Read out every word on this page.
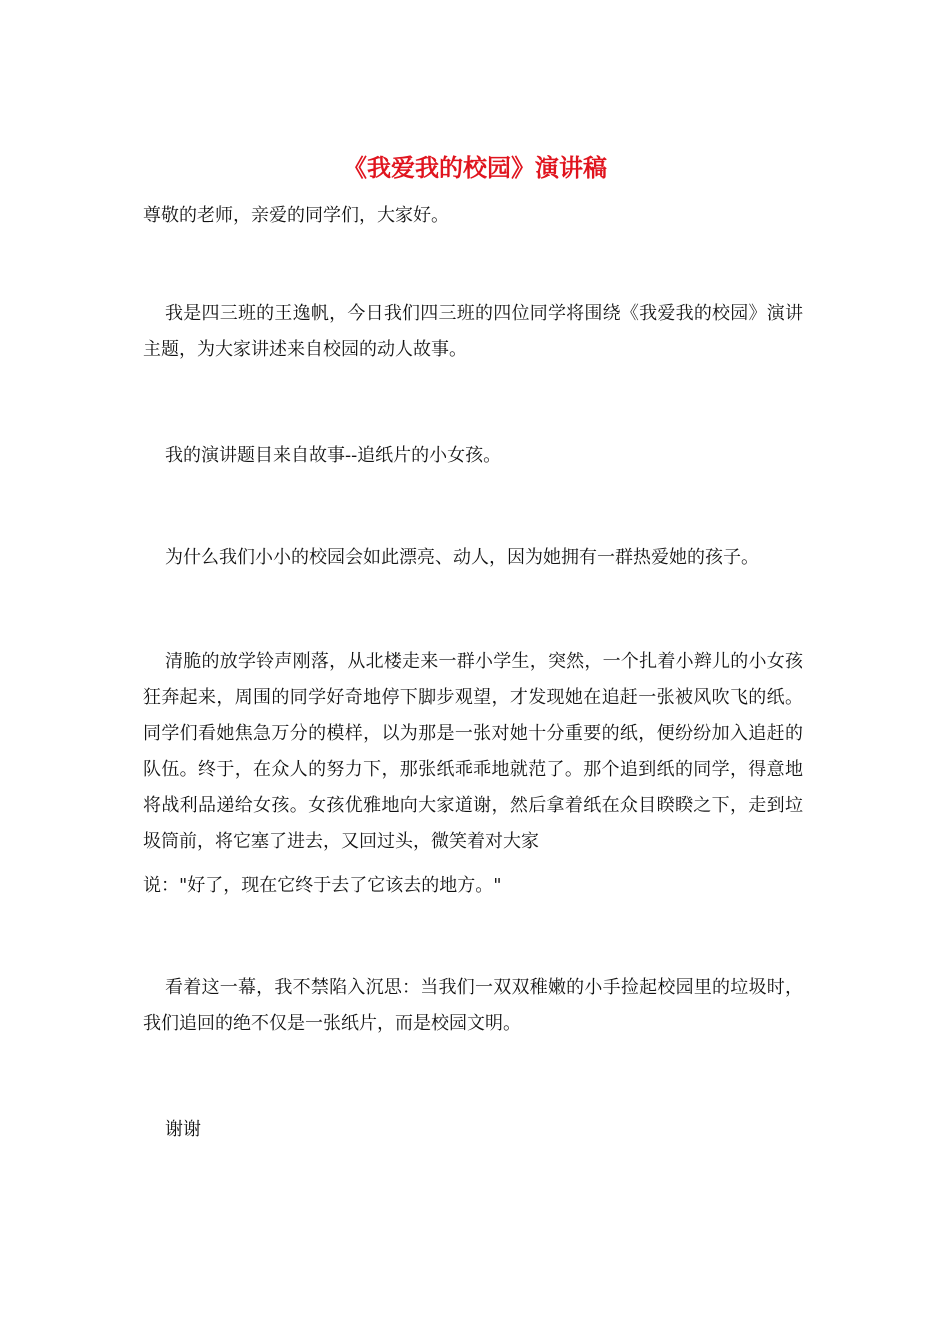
《我爱我的校园》演讲稿

尊敬的老师，亲爱的同学们，大家好。

我是四三班的王逸帆，今日我们四三班的四位同学将围绕《我爱我的校园》演讲主题，为大家讲述来自校园的动人故事。

我的演讲题目来自故事--追纸片的小女孩。

为什么我们小小的校园会如此漂亮、动人，因为她拥有一群热爱她的孩子。

清脆的放学铃声刚落，从北楼走来一群小学生，突然，一个扎着小辫儿的小女孩狂奔起来，周围的同学好奇地停下脚步观望，才发现她在追赶一张被风吹飞的纸。同学们看她焦急万分的模样，以为那是一张对她十分重要的纸，便纷纷加入追赶的队伍。终于，在众人的努力下，那张纸乖乖地就范了。那个追到纸的同学，得意地将战利品递给女孩。女孩优雅地向大家道谢，然后拿着纸在众目睽睽之下，走到垃圾筒前，将它塞了进去，又回过头，微笑着对大家

说："好了，现在它终于去了它该去的地方。"

看着这一幕，我不禁陷入沉思：当我们一双双稚嫩的小手捡起校园里的垃圾时，我们追回的绝不仅是一张纸片，而是校园文明。

谢谢
